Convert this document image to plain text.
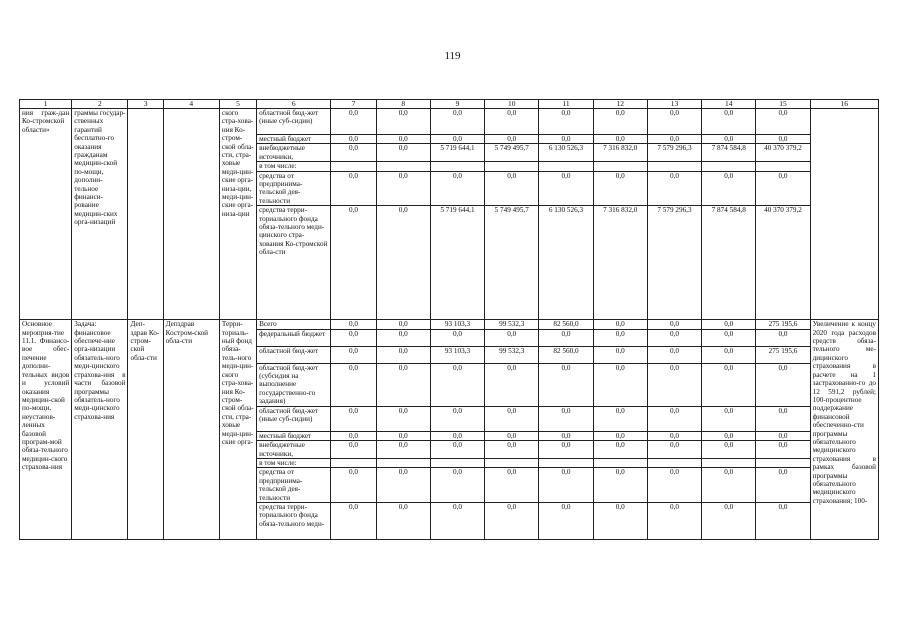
119
1	2	3	4	5	6	7	8	9	10	11	12	13	14	15	16
ния граж-дан Ко-стромской области»	граммы государ-ственных гарантий бесплатно-го оказания гражданам медицин-ской по-мощи, дополни-тельное финанси-рование медицин-ских орга-низаций			ского стра-хова-ния Ко-стром-ской обла-сти, стра-ховые меди-цин-ские орга-низа-ции, меди-цин-ские орга-низа-ции	областной бюд-жет (иные суб-сидии)	0,0	0,0	0,0	0,0	0,0	0,0	0,0	0,0	0,0	
					местный бюджет	0,0	0,0	0,0	0,0	0,0	0,0	0,0	0,0	0,0	
					внебюджетные источники,	0,0	0,0	5 719 644,1	5 749 495,7	6 130 526,3	7 316 832,0	7 579 296,3	7 874 584,8	40 370 379,2	
					в том числе:										
					средства от предпринима-тельской дея-тельности	0,0	0,0	0,0	0,0	0,0	0,0	0,0	0,0	0,0	
					средства терри-ториального фонда обяза-тельного меди-цинского стра-хования Ко-стромской обла-сти	0,0	0,0	5 719 644,1	5 749 495,7	6 130 526,3	7 316 832,0	7 579 296,3	7 874 584,8	40 370 379,2	
Основное мероприя-тие 11.1. Финансо-вое обес-печение дополни-тельных видов и условий оказания медицин-ской по-мощи, неустанов-ленных базовой програм-мой обяза-тельного медицин-ского страхова-ния	Задача: финансовое обеспече-ние орга-низации обязатель-ного меди-цинского страхова-ния в части базовой программы обязатель-ного меди-цинского страхова-ния	Деп-здрав Ко-стром-ской обла-сти	Депздрав Костром-ской обла-сти	Терри-ториаль-ный фонд обяза-тель-ного меди-цин-ского стра-хова-ния Ко-стром-ской обла-сти, стра-ховые меди-цин-ские орга-	Всего	0,0	0,0	93 103,3	99 532,3	82 560,0	0,0	0,0	0,0	275 195,6	Увеличение к концу 2020 года расходов средств обяза-тельного ме-дицинского страхования в расчете на 1 застрахованно-го до 12 591,2 рублей; 100-процентное поддержание финансовой обеспеченно-сти программы обязательного медицинского страхования в рамках базовой программы обязательного медицинского страхования; 100-
					федеральный бюджет	0,0	0,0	0,0	0,0	0,0	0,0	0,0	0,0	0,0	
					областной бюд-жет	0,0	0,0	93 103,3	99 532,3	82 560,0	0,0	0,0	0,0	275 195,6	
					областной бюд-жет (субсидия на выполнение государственно-го задания)	0,0	0,0	0,0	0,0	0,0	0,0	0,0	0,0	0,0	
					областной бюд-жет (иные суб-сидии)	0,0	0,0	0,0	0,0	0,0	0,0	0,0	0,0	0,0	
					местный бюджет	0,0	0,0	0,0	0,0	0,0	0,0	0,0	0,0	0,0	
					внебюджетные источники,	0,0	0,0	0,0	0,0	0,0	0,0	0,0	0,0	0,0	
					в том числе:										
					средства от предпринима-тельской дея-тельности	0,0	0,0	0,0	0,0	0,0	0,0	0,0	0,0	0,0	
					средства терри-ториального фонда обяза-тельного меди-	0,0	0,0	0,0	0,0	0,0	0,0	0,0	0,0	0,0	
